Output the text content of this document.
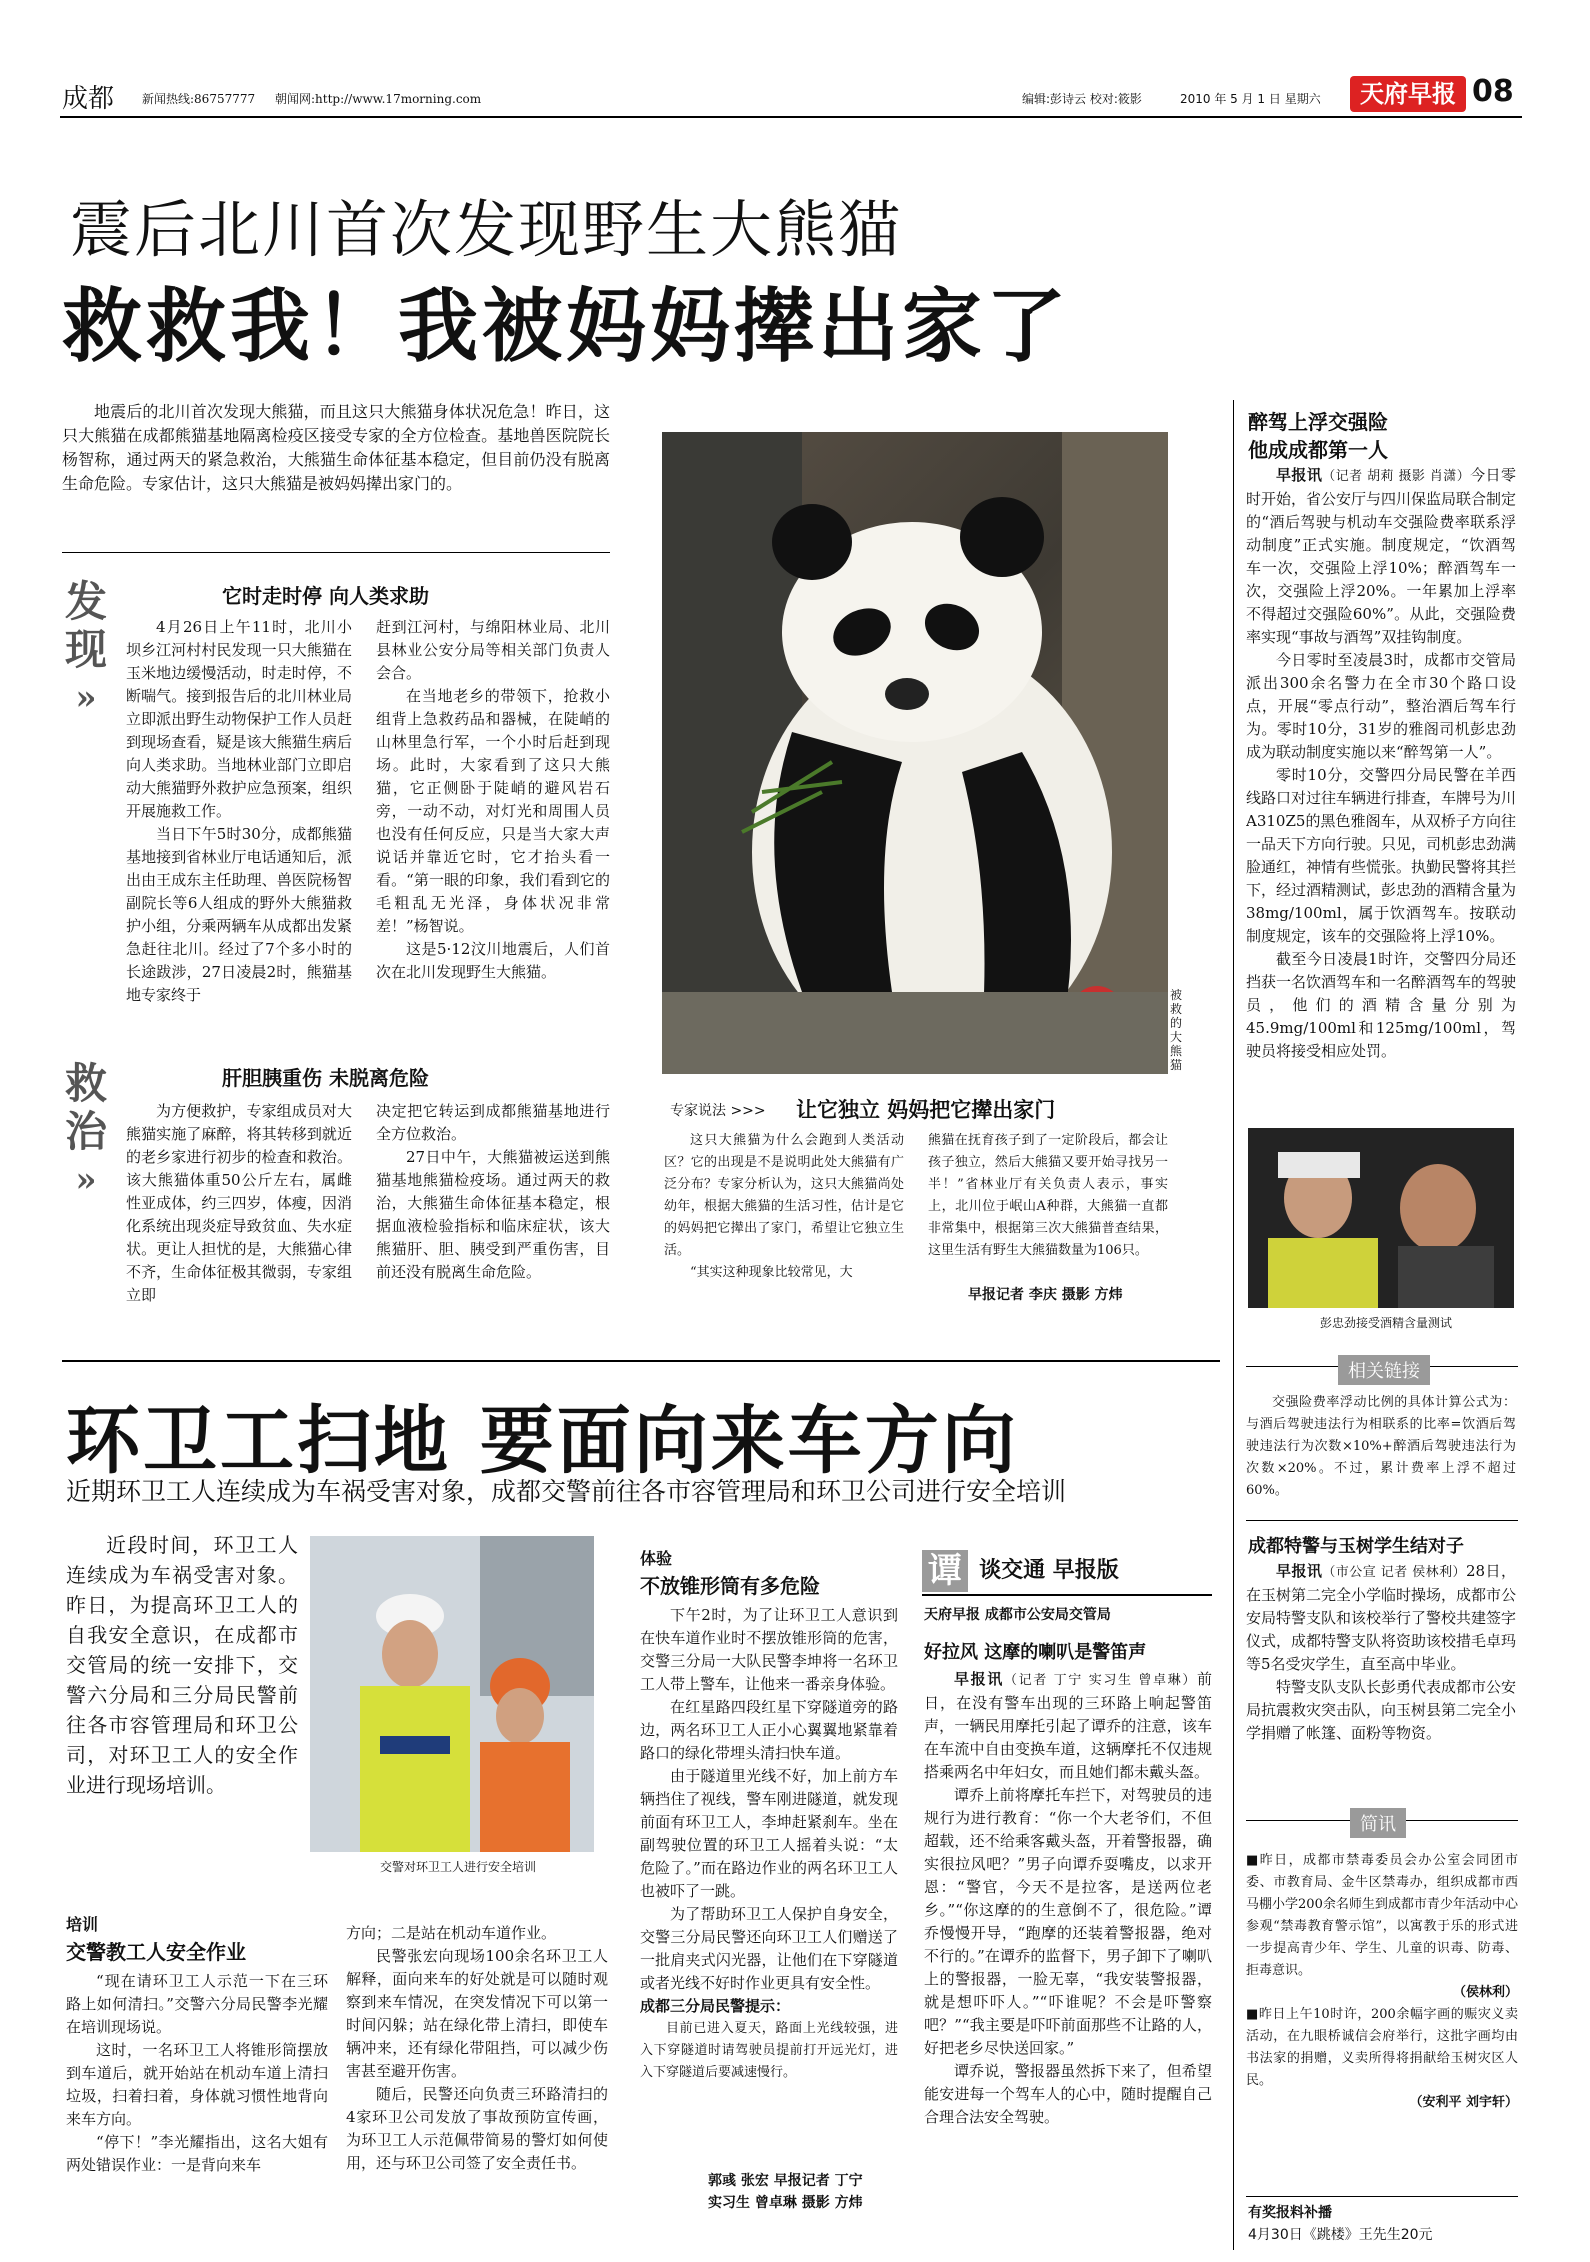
成都 新闻热线:86757777 朝闻网:http://www.17morning.com	编辑:彭诗云 校对:筱影	2010 年 5 月 1 日 星期六	天府早报 08
震后北川首次发现野生大熊猫
救救我！我被妈妈撵出家了

地震后的北川首次发现大熊猫，而且这只大熊猫身体状况危急！昨日，这只大熊猫在成都熊猫基地隔离检疫区接受专家的全方位检查。基地兽医院院长杨智称，通过两天的紧急救治，大熊猫生命体征基本稳定，但目前仍没有脱离生命危险。专家估计，这只大熊猫是被妈妈撵出家门的。

发
现
»
它时走时停 向人类求助

4月26日上午11时，北川小坝乡江河村村民发现一只大熊猫在玉米地边缓慢活动，时走时停，不断喘气。接到报告后的北川林业局立即派出野生动物保护工作人员赶到现场查看，疑是该大熊猫生病后向人类求助。当地林业部门立即启动大熊猫野外救护应急预案，组织开展施救工作。

当日下午5时30分，成都熊猫基地接到省林业厅电话通知后，派出由王成东主任助理、兽医院杨智副院长等6人组成的野外大熊猫救护小组，分乘两辆车从成都出发紧急赶往北川。经过了7个多小时的长途跋涉，27日凌晨2时，熊猫基地专家终于

赶到江河村，与绵阳林业局、北川县林业公安分局等相关部门负责人会合。

在当地老乡的带领下，抢救小组背上急救药品和器械，在陡峭的山林里急行军，一个小时后赶到现场。此时，大家看到了这只大熊猫，它正侧卧于陡峭的避风岩石旁，一动不动，对灯光和周围人员也没有任何反应，只是当大家大声说话并靠近它时，它才抬头看一看。“第一眼的印象，我们看到它的毛粗乱无光泽，身体状况非常差！”杨智说。

这是5·12汶川地震后，人们首次在北川发现野生大熊猫。

救
治
»
肝胆胰重伤 未脱离危险

为方便救护，专家组成员对大熊猫实施了麻醉，将其转移到就近的老乡家进行初步的检查和救治。该大熊猫体重50公斤左右，属雌性亚成体，约三四岁，体瘦，因消化系统出现炎症导致贫血、失水症状。更让人担忧的是，大熊猫心律不齐，生命体征极其微弱，专家组立即

决定把它转运到成都熊猫基地进行全方位救治。

27日中午，大熊猫被运送到熊猫基地熊猫检疫场。通过两天的救治，大熊猫生命体征基本稳定，根据血液检验指标和临床症状，该大熊猫肝、胆、胰受到严重伤害，目前还没有脱离生命危险。

被救的大熊猫
专家说法 >>> 让它独立 妈妈把它撵出家门

这只大熊猫为什么会跑到人类活动区？它的出现是不是说明此处大熊猫有广泛分布？专家分析认为，这只大熊猫尚处幼年，根据大熊猫的生活习性，估计是它的妈妈把它撵出了家门，希望让它独立生活。

“其实这种现象比较常见，大

熊猫在抚育孩子到了一定阶段后，都会让孩子独立，然后大熊猫又要开始寻找另一半！”省林业厅有关负责人表示，事实上，北川位于岷山A种群，大熊猫一直都非常集中，根据第三次大熊猫普查结果，这里生活有野生大熊猫数量为106只。

早报记者 李庆 摄影 方炜
醉驾上浮交强险
他成成都第一人

早报讯（记者 胡莉 摄影 肖潇）今日零时开始，省公安厅与四川保监局联合制定的“酒后驾驶与机动车交强险费率联系浮动制度”正式实施。制度规定，“饮酒驾车一次，交强险上浮10%；醉酒驾车一次，交强险上浮20%。一年累加上浮率不得超过交强险60%”。从此，交强险费率实现“事故与酒驾”双挂钩制度。

今日零时至凌晨3时，成都市交管局派出300余名警力在全市30个路口设点，开展“零点行动”，整治酒后驾车行为。零时10分，31岁的雅阁司机彭忠劲成为联动制度实施以来“醉驾第一人”。

零时10分，交警四分局民警在羊西线路口对过往车辆进行排查，车牌号为川A310Z5的黑色雅阁车，从双桥子方向往一品天下方向行驶。只见，司机彭忠劲满脸通红，神情有些慌张。执勤民警将其拦下，经过酒精测试，彭忠劲的酒精含量为38mg/100ml，属于饮酒驾车。按联动制度规定，该车的交强险将上浮10%。

截至今日凌晨1时许，交警四分局还挡获一名饮酒驾车和一名醉酒驾车的驾驶员，他们的酒精含量分别为45.9mg/100ml和125mg/100ml，驾驶员将接受相应处罚。

彭忠劲接受酒精含量测试
相关链接

交强险费率浮动比例的具体计算公式为：与酒后驾驶违法行为相联系的比率=饮酒后驾驶违法行为次数×10%+醉酒后驾驶违法行为次数×20%。不过，累计费率上浮不超过60%。

成都特警与玉树学生结对子

早报讯（市公宣 记者 侯林利）28日，在玉树第二完全小学临时操场，成都市公安局特警支队和该校举行了警校共建签字仪式，成都特警支队将资助该校措毛卓玛等5名受灾学生，直至高中毕业。

特警支队支队长彭勇代表成都市公安局抗震救灾突击队，向玉树县第二完全小学捐赠了帐篷、面粉等物资。

简讯

■昨日，成都市禁毒委员会办公室会同团市委、市教育局、金牛区禁毒办，组织成都市西马棚小学200余名师生到成都市青少年活动中心参观“禁毒教育警示馆”，以寓教于乐的形式进一步提高青少年、学生、儿童的识毒、防毒、拒毒意识。

（侯林利）

■昨日上午10时许，200余幅字画的赈灾义卖活动，在九眼桥诚信会府举行，这批字画均由书法家的捐赠，义卖所得将捐献给玉树灾区人民。

（安利平 刘宇轩）
有奖报料补播
4月30日《跳楼》王先生20元
环卫工扫地 要面向来车方向
近期环卫工人连续成为车祸受害对象，成都交警前往各市容管理局和环卫公司进行安全培训

近段时间，环卫工人连续成为车祸受害对象。昨日，为提高环卫工人的自我安全意识，在成都市交管局的统一安排下，交警六分局和三分局民警前往各市容管理局和环卫公司，对环卫工人的安全作业进行现场培训。

交警对环卫工人进行安全培训
培训
交警教工人安全作业

“现在请环卫工人示范一下在三环路上如何清扫。”交警六分局民警李光耀在培训现场说。

这时，一名环卫工人将锥形筒摆放到车道后，就开始站在机动车道上清扫垃圾，扫着扫着，身体就习惯性地背向来车方向。

“停下！”李光耀指出，这名大姐有两处错误作业：一是背向来车

方向；二是站在机动车道作业。

民警张宏向现场100余名环卫工人解释，面向来车的好处就是可以随时观察到来车情况，在突发情况下可以第一时间闪躲；站在绿化带上清扫，即使车辆冲来，还有绿化带阻挡，可以减少伤害甚至避开伤害。

随后，民警还向负责三环路清扫的4家环卫公司发放了事故预防宣传画，为环卫工人示范佩带简易的警灯如何使用，还与环卫公司签了安全责任书。

体验
不放锥形筒有多危险

下午2时，为了让环卫工人意识到在快车道作业时不摆放锥形筒的危害，交警三分局一大队民警李坤将一名环卫工人带上警车，让他来一番亲身体验。

在红星路四段红星下穿隧道旁的路边，两名环卫工人正小心翼翼地紧靠着路口的绿化带埋头清扫快车道。

由于隧道里光线不好，加上前方车辆挡住了视线，警车刚进隧道，就发现前面有环卫工人，李坤赶紧刹车。坐在副驾驶位置的环卫工人摇着头说：“太危险了。”而在路边作业的两名环卫工人也被吓了一跳。

为了帮助环卫工人保护自身安全，交警三分局民警还向环卫工人们赠送了一批肩夹式闪光器，让他们在下穿隧道或者光线不好时作业更具有安全性。

成都三分局民警提示：

目前已进入夏天，路面上光线较强，进入下穿隧道时请驾驶员提前打开远光灯，进入下穿隧道后要减速慢行。

郭彧 张宏 早报记者 丁宁
实习生 曾卓琳 摄影 方炜
谭 谈交通 早报版
天府早报 成都市公安局交管局
好拉风 这摩的喇叭是警笛声

早报讯（记者 丁宁 实习生 曾卓琳）前日，在没有警车出现的三环路上响起警笛声，一辆民用摩托引起了谭乔的注意，该车在车流中自由变换车道，这辆摩托不仅违规搭乘两名中年妇女，而且她们都未戴头盔。

谭乔上前将摩托车拦下，对驾驶员的违规行为进行教育：“你一个大老爷们，不但超载，还不给乘客戴头盔，开着警报器，确实很拉风吧？”男子向谭乔耍嘴皮，以求开恩：“警官，今天不是拉客，是送两位老乡。”“你这摩的的生意倒不了，很危险。”谭乔慢慢开导，“跑摩的还装着警报器，绝对不行的。”在谭乔的监督下，男子卸下了喇叭上的警报器，一脸无辜，“我安装警报器，就是想吓吓人。”“吓谁呢？不会是吓警察吧？”“我主要是吓吓前面那些不让路的人，好把老乡尽快送回家。”

谭乔说，警报器虽然拆下来了，但希望能安进每一个驾车人的心中，随时提醒自己合理合法安全驾驶。
